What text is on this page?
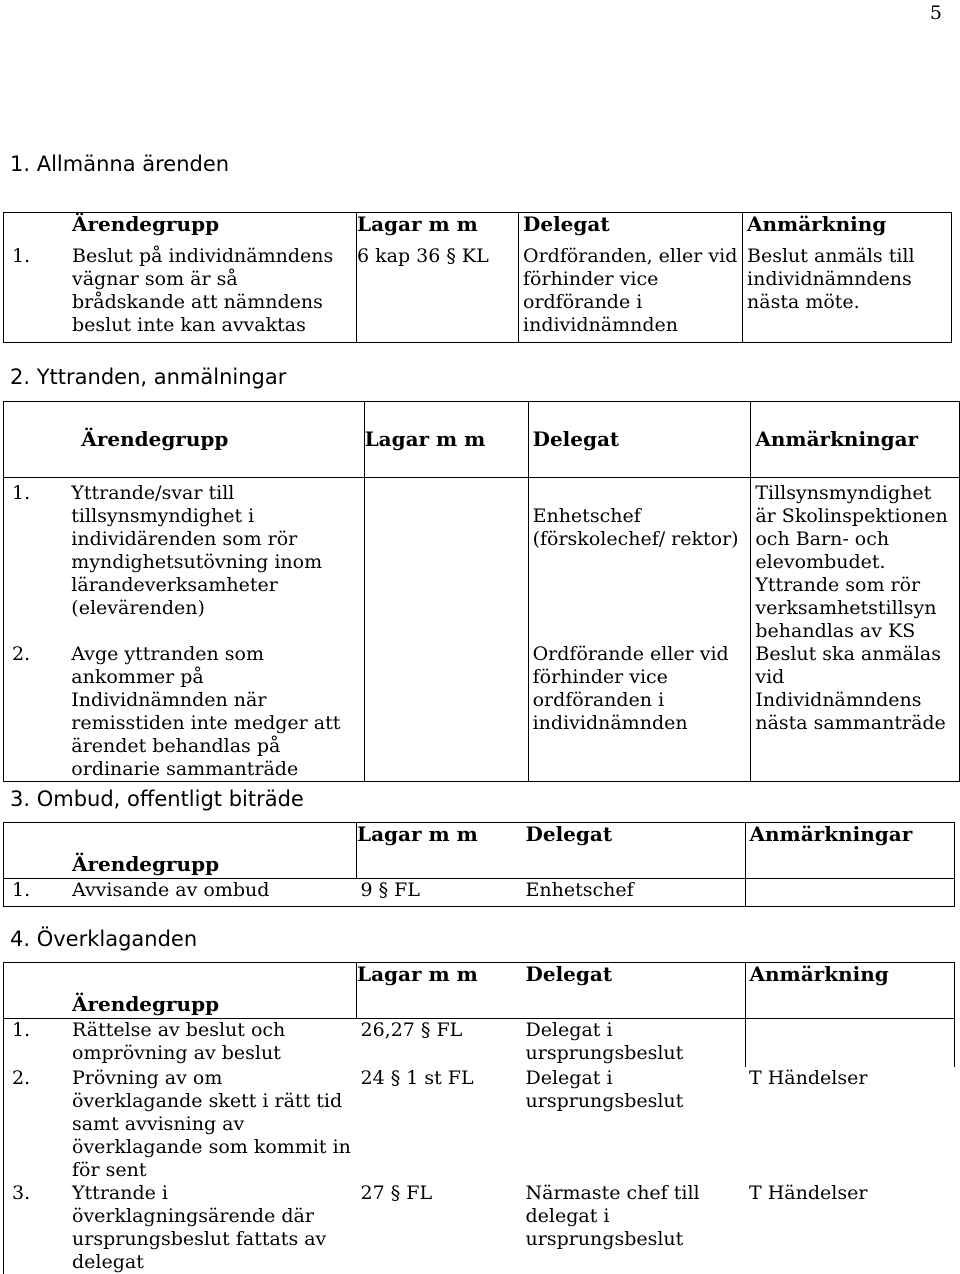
5
1. Allmänna ärenden
	Ärendegrupp	Lagar m m	Delegat	Anmärkning
1.	Beslut på individnämndens vägnar som är så brådskande att nämndens beslut inte kan avvaktas	6 kap 36 § KL	Ordföranden, eller vid förhinder vice ordförande i individnämnden	Beslut anmäls till individnämndens nästa möte.
2. Yttranden, anmälningar
	Ärendegrupp	Lagar m m	Delegat	Anmärkningar
1.	Yttrande/svar till tillsynsmyndighet i individärenden som rör myndighetsutövning inom lärandeverksamheter (elevärenden)		Enhetschef (förskolechef/ rektor)	Tillsynsmyndighet är Skolinspektionen och Barn- och elevombudet. Yttrande som rör verksamhetstillsyn behandlas av KS
2.	Avge yttranden som ankommer på Individnämnden när remisstiden inte medger att ärendet behandlas på ordinarie sammanträde		Ordförande eller vid förhinder vice ordföranden i individnämnden	Beslut ska anmälas vid Individnämndens nästa sammanträde
3. Ombud, offentligt biträde
	Ärendegrupp	Lagar m m	Delegat	Anmärkningar
1.	Avvisande av ombud	9 § FL	Enhetschef	
4. Överklaganden
	Ärendegrupp	Lagar m m	Delegat	Anmärkning
1.	Rättelse av beslut och omprövning av beslut	26,27 § FL	Delegat i ursprungsbeslut	
2.	Prövning av om överklagande skett i rätt tid samt avvisning av överklagande som kommit in för sent	24 § 1 st FL	Delegat i ursprungsbeslut	T Händelser
3.	Yttrande i överklagningsärende där ursprungsbeslut fattats av delegat	27 § FL	Närmaste chef till delegat i ursprungsbeslut	T Händelser
